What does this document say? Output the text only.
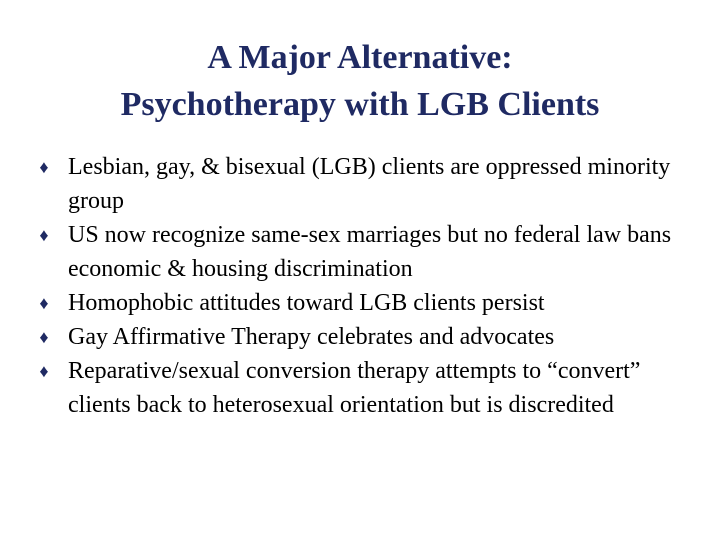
A Major Alternative:
Psychotherapy with LGB Clients
♦ Lesbian, gay, & bisexual (LGB) clients are oppressed minority group
♦ US now recognize same-sex marriages but no federal law bans economic & housing discrimination
♦ Homophobic attitudes toward LGB clients persist
♦ Gay Affirmative Therapy celebrates and advocates
♦ Reparative/sexual conversion therapy attempts to “convert” clients back to heterosexual orientation but is discredited
